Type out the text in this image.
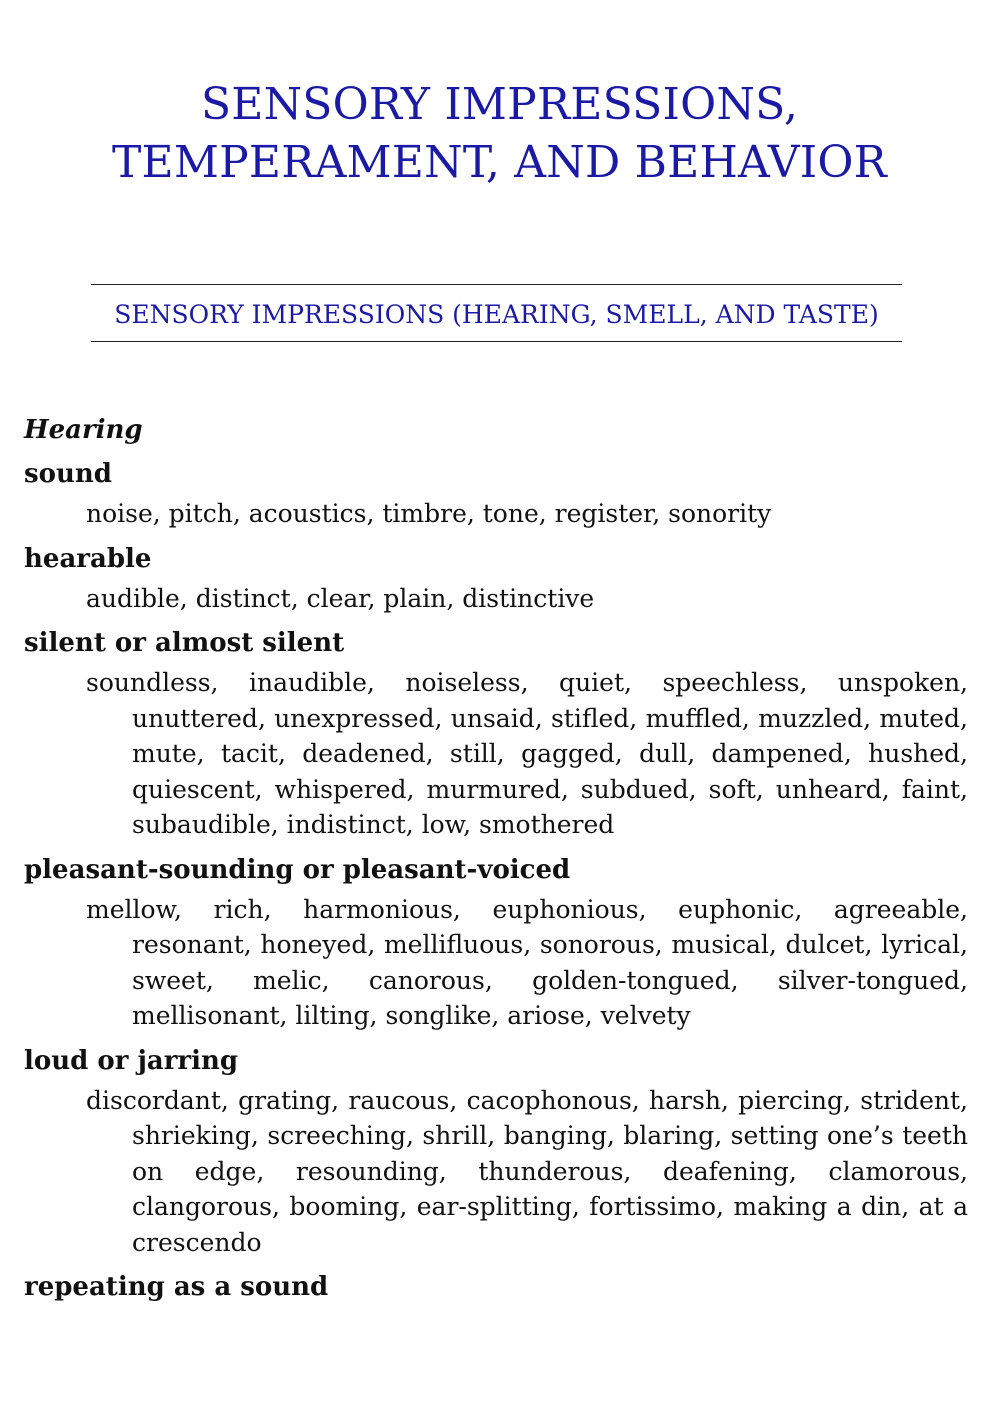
SENSORY IMPRESSIONS, TEMPERAMENT, AND BEHAVIOR
SENSORY IMPRESSIONS (HEARING, SMELL, AND TASTE)
Hearing
sound
noise, pitch, acoustics, timbre, tone, register, sonority
hearable
audible, distinct, clear, plain, distinctive
silent or almost silent
soundless, inaudible, noiseless, quiet, speechless, unspoken, unuttered, unexpressed, unsaid, stifled, muffled, muzzled, muted, mute, tacit, deadened, still, gagged, dull, dampened, hushed, quiescent, whispered, murmured, subdued, soft, unheard, faint, subaudible, indistinct, low, smothered
pleasant-sounding or pleasant-voiced
mellow, rich, harmonious, euphonious, euphonic, agreeable, resonant, honeyed, mellifluous, sonorous, musical, dulcet, lyrical, sweet, melic, canorous, golden-tongued, silver-tongued, mellisonant, lilting, songlike, ariose, velvety
loud or jarring
discordant, grating, raucous, cacophonous, harsh, piercing, strident, shrieking, screeching, shrill, banging, blaring, setting one’s teeth on edge, resounding, thunderous, deafening, clamorous, clangorous, booming, ear-splitting, fortissimo, making a din, at a crescendo
repeating as a sound
